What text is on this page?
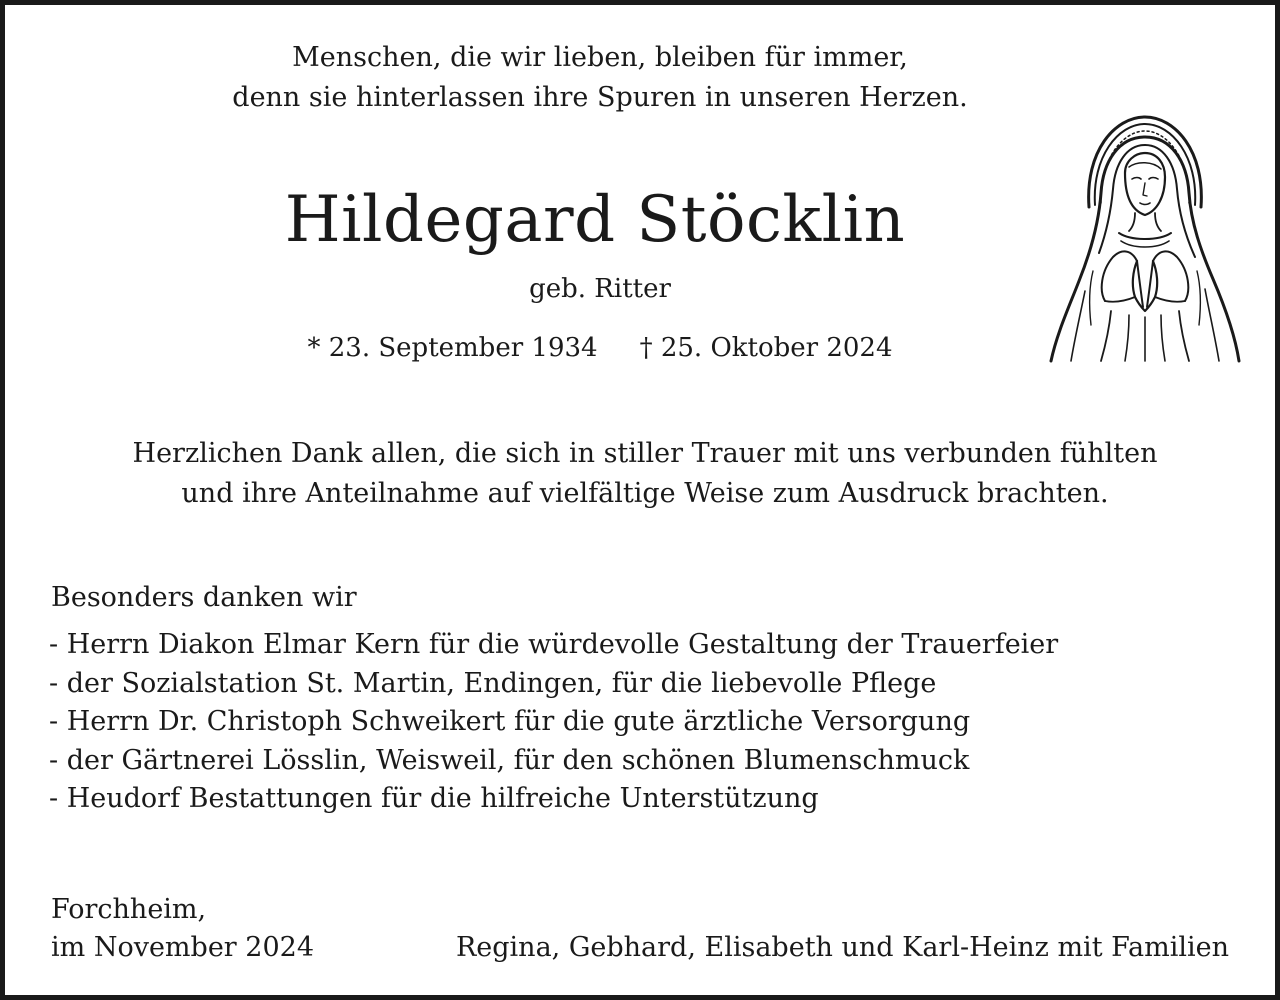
Menschen, die wir lieben, bleiben für immer,
denn sie hinterlassen ihre Spuren in unseren Herzen.
Hildegard Stöcklin
geb. Ritter
* 23. September 1934 † 25. Oktober 2024
Herzlichen Dank allen, die sich in stiller Trauer mit uns verbunden fühlten
und ihre Anteilnahme auf vielfältige Weise zum Ausdruck brachten.
Besonders danken wir
- Herrn Diakon Elmar Kern für die würdevolle Gestaltung der Trauerfeier
- der Sozialstation St. Martin, Endingen, für die liebevolle Pflege
- Herrn Dr. Christoph Schweikert für die gute ärztliche Versorgung
- der Gärtnerei Lösslin, Weisweil, für den schönen Blumenschmuck
- Heudorf Bestattungen für die hilfreiche Unterstützung
Forchheim,
im November 2024	Regina, Gebhard, Elisabeth und Karl-Heinz mit Familien
